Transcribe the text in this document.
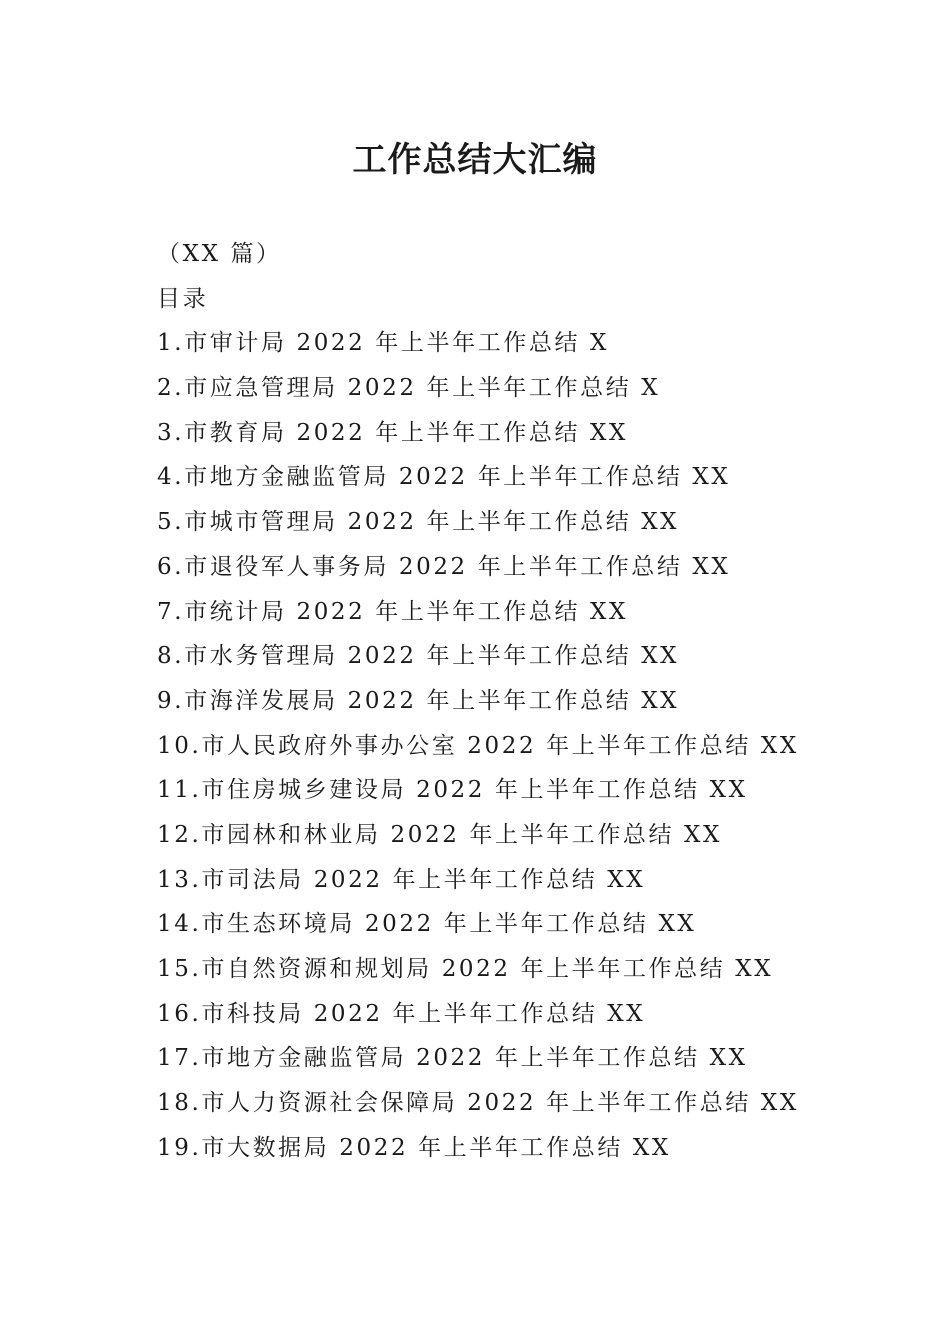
工作总结大汇编
（XX 篇）
目录
1.市审计局 2022 年上半年工作总结 X
2.市应急管理局 2022 年上半年工作总结 X
3.市教育局 2022 年上半年工作总结 XX
4.市地方金融监管局 2022 年上半年工作总结 XX
5.市城市管理局 2022 年上半年工作总结 XX
6.市退役军人事务局 2022 年上半年工作总结 XX
7.市统计局 2022 年上半年工作总结 XX
8.市水务管理局 2022 年上半年工作总结 XX
9.市海洋发展局 2022 年上半年工作总结 XX
10.市人民政府外事办公室 2022 年上半年工作总结 XX
11.市住房城乡建设局 2022 年上半年工作总结 XX
12.市园林和林业局 2022 年上半年工作总结 XX
13.市司法局 2022 年上半年工作总结 XX
14.市生态环境局 2022 年上半年工作总结 XX
15.市自然资源和规划局 2022 年上半年工作总结 XX
16.市科技局 2022 年上半年工作总结 XX
17.市地方金融监管局 2022 年上半年工作总结 XX
18.市人力资源社会保障局 2022 年上半年工作总结 XX
19.市大数据局 2022 年上半年工作总结 XX
